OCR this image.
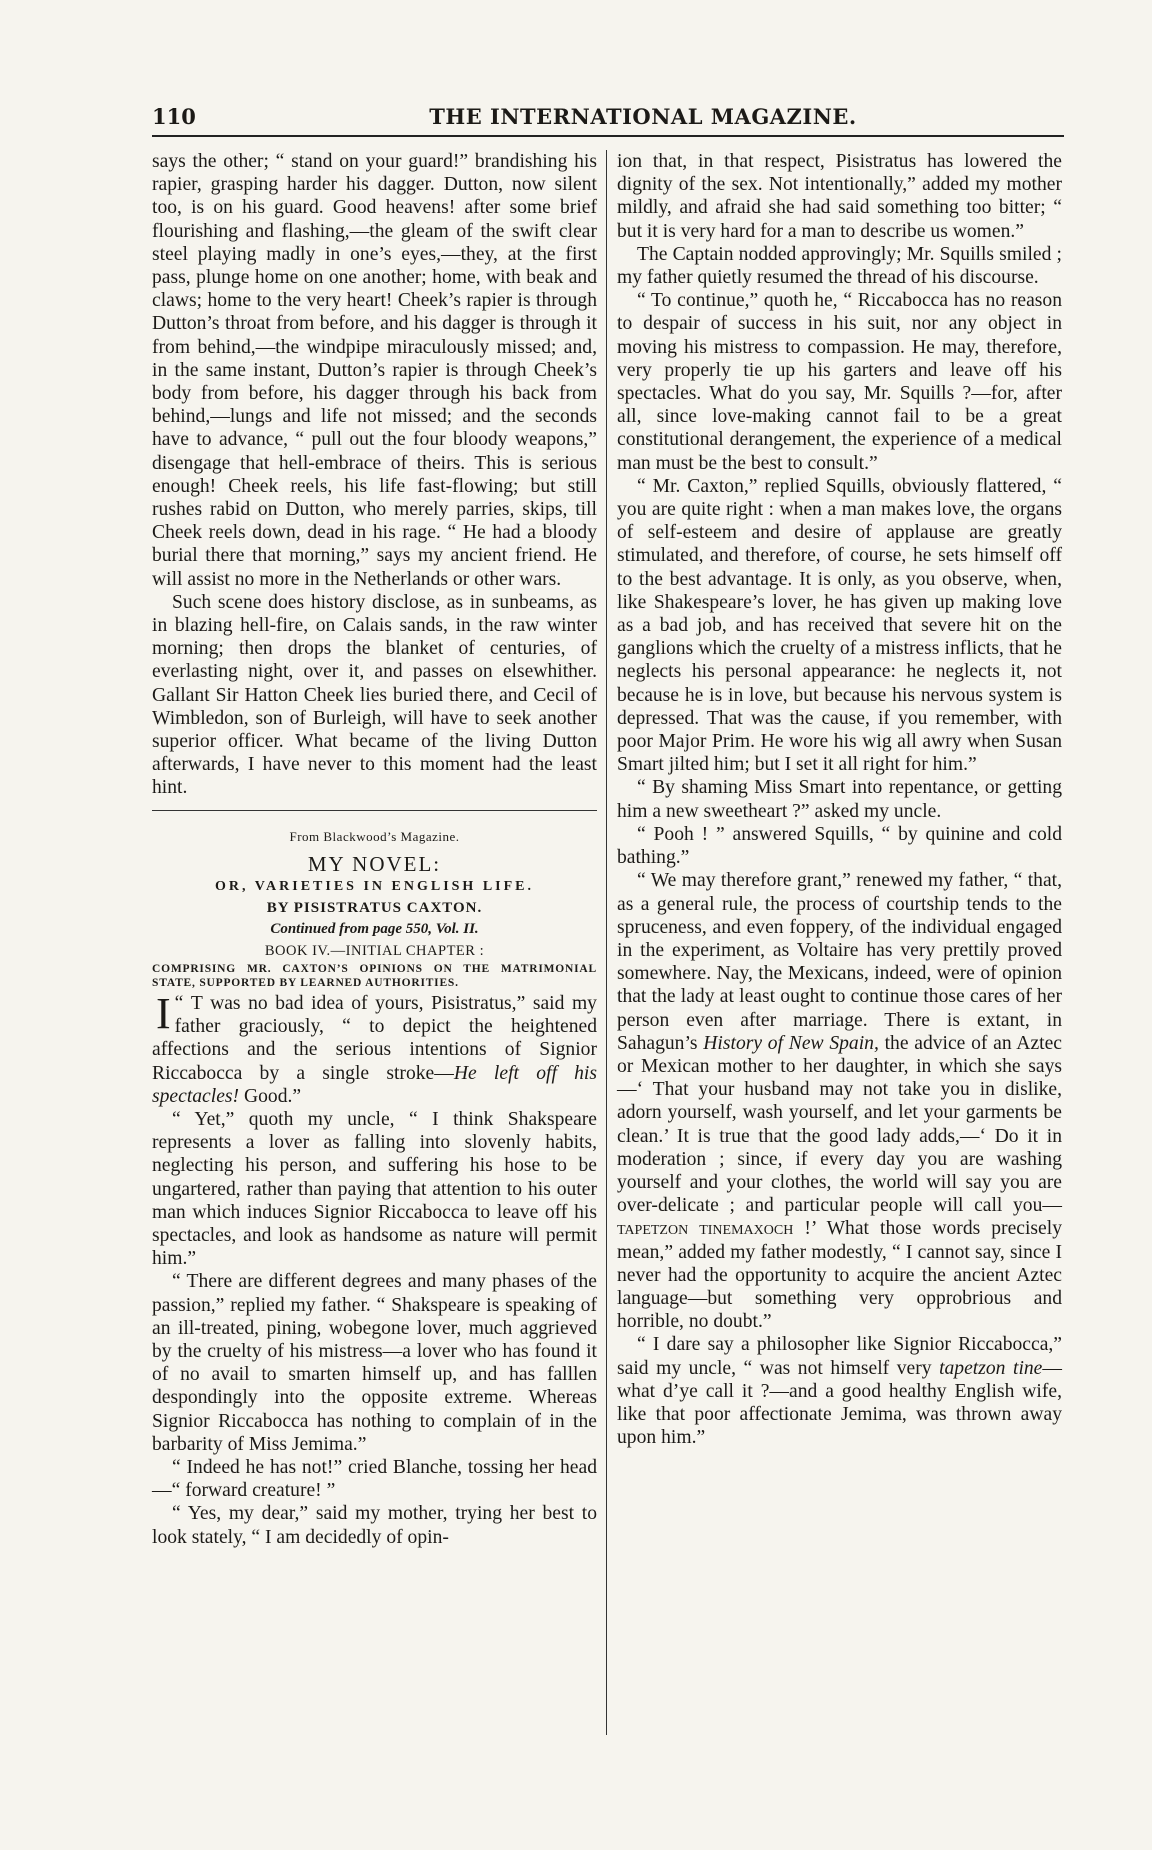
110	THE INTERNATIONAL MAGAZINE.

says the other; “ stand on your guard!” brandishing his rapier, grasping harder his dagger. Dutton, now silent too, is on his guard. Good heavens! after some brief flourishing and flashing,—the gleam of the swift clear steel playing madly in one’s eyes,—they, at the first pass, plunge home on one another; home, with beak and claws; home to the very heart! Cheek’s rapier is through Dutton’s throat from before, and his dagger is through it from behind,—the windpipe miraculously missed; and, in the same instant, Dutton’s rapier is through Cheek’s body from before, his dagger through his back from behind,—lungs and life not missed; and the seconds have to advance, “ pull out the four bloody weapons,” disengage that hell-embrace of theirs. This is serious enough! Cheek reels, his life fast-flowing; but still rushes rabid on Dutton, who merely parries, skips, till Cheek reels down, dead in his rage. “ He had a bloody burial there that morning,” says my ancient friend. He will assist no more in the Netherlands or other wars.

Such scene does history disclose, as in sunbeams, as in blazing hell-fire, on Calais sands, in the raw winter morning; then drops the blanket of centuries, of everlasting night, over it, and passes on elsewhither. Gallant Sir Hatton Cheek lies buried there, and Cecil of Wimbledon, son of Burleigh, will have to seek another superior officer. What became of the living Dutton afterwards, I have never to this moment had the least hint.

From Blackwood’s Magazine.
MY NOVEL:
OR, VARIETIES IN ENGLISH LIFE.
BY PISISTRATUS CAXTON.
Continued from page 550, Vol. II.
BOOK IV.—INITIAL CHAPTER :
COMPRISING MR. CAXTON’S OPINIONS ON THE MATRIMONIAL STATE, SUPPORTED BY LEARNED AUTHORITIES.

“
I T was no bad idea of yours, Pisistratus,” said my father graciously, “ to depict the heightened affections and the serious intentions of Signior Riccabocca by a single stroke—He left off his spectacles! Good.”

“ Yet,” quoth my uncle, “ I think Shakspeare represents a lover as falling into slovenly habits, neglecting his person, and suffering his hose to be ungartered, rather than paying that attention to his outer man which induces Signior Riccabocca to leave off his spectacles, and look as handsome as nature will permit him.”

“ There are different degrees and many phases of the passion,” replied my father. “ Shakspeare is speaking of an ill-treated, pining, wobegone lover, much aggrieved by the cruelty of his mistress—a lover who has found it of no avail to smarten himself up, and has falllen despondingly into the opposite extreme. Whereas Signior Riccabocca has nothing to complain of in the barbarity of Miss Jemima.”

“ Indeed he has not!” cried Blanche, tossing her head—“ forward creature! ”

“ Yes, my dear,” said my mother, trying her best to look stately, “ I am decidedly of opin-

ion that, in that respect, Pisistratus has lowered the dignity of the sex. Not intentionally,” added my mother mildly, and afraid she had said something too bitter; “ but it is very hard for a man to describe us women.”

The Captain nodded approvingly; Mr. Squills smiled ; my father quietly resumed the thread of his discourse.

“ To continue,” quoth he, “ Riccabocca has no reason to despair of success in his suit, nor any object in moving his mistress to compassion. He may, therefore, very properly tie up his garters and leave off his spectacles. What do you say, Mr. Squills ?—for, after all, since love-making cannot fail to be a great constitutional derangement, the experience of a medical man must be the best to consult.”

“ Mr. Caxton,” replied Squills, obviously flattered, “ you are quite right : when a man makes love, the organs of self-esteem and desire of applause are greatly stimulated, and therefore, of course, he sets himself off to the best advantage. It is only, as you observe, when, like Shakespeare’s lover, he has given up making love as a bad job, and has received that severe hit on the ganglions which the cruelty of a mistress inflicts, that he neglects his personal appearance: he neglects it, not because he is in love, but because his nervous system is depressed. That was the cause, if you remember, with poor Major Prim. He wore his wig all awry when Susan Smart jilted him; but I set it all right for him.”

“ By shaming Miss Smart into repentance, or getting him a new sweetheart ?” asked my uncle.

“ Pooh ! ” answered Squills, “ by quinine and cold bathing.”

“ We may therefore grant,” renewed my father, “ that, as a general rule, the process of courtship tends to the spruceness, and even foppery, of the individual engaged in the experiment, as Voltaire has very prettily proved somewhere. Nay, the Mexicans, indeed, were of opinion that the lady at least ought to continue those cares of her person even after marriage. There is extant, in Sahagun’s History of New Spain, the advice of an Aztec or Mexican mother to her daughter, in which she says—‘ That your husband may not take you in dislike, adorn yourself, wash yourself, and let your garments be clean.’ It is true that the good lady adds,—‘ Do it in moderation ; since, if every day you are washing yourself and your clothes, the world will say you are over-delicate ; and particular people will call you—tapetzon tinemaxoch !’ What those words precisely mean,” added my father modestly, “ I cannot say, since I never had the opportunity to acquire the ancient Aztec language—but something very opprobrious and horrible, no doubt.”

“ I dare say a philosopher like Signior Riccabocca,” said my uncle, “ was not himself very tapetzon tine—what d’ye call it ?—and a good healthy English wife, like that poor affectionate Jemima, was thrown away upon him.”
